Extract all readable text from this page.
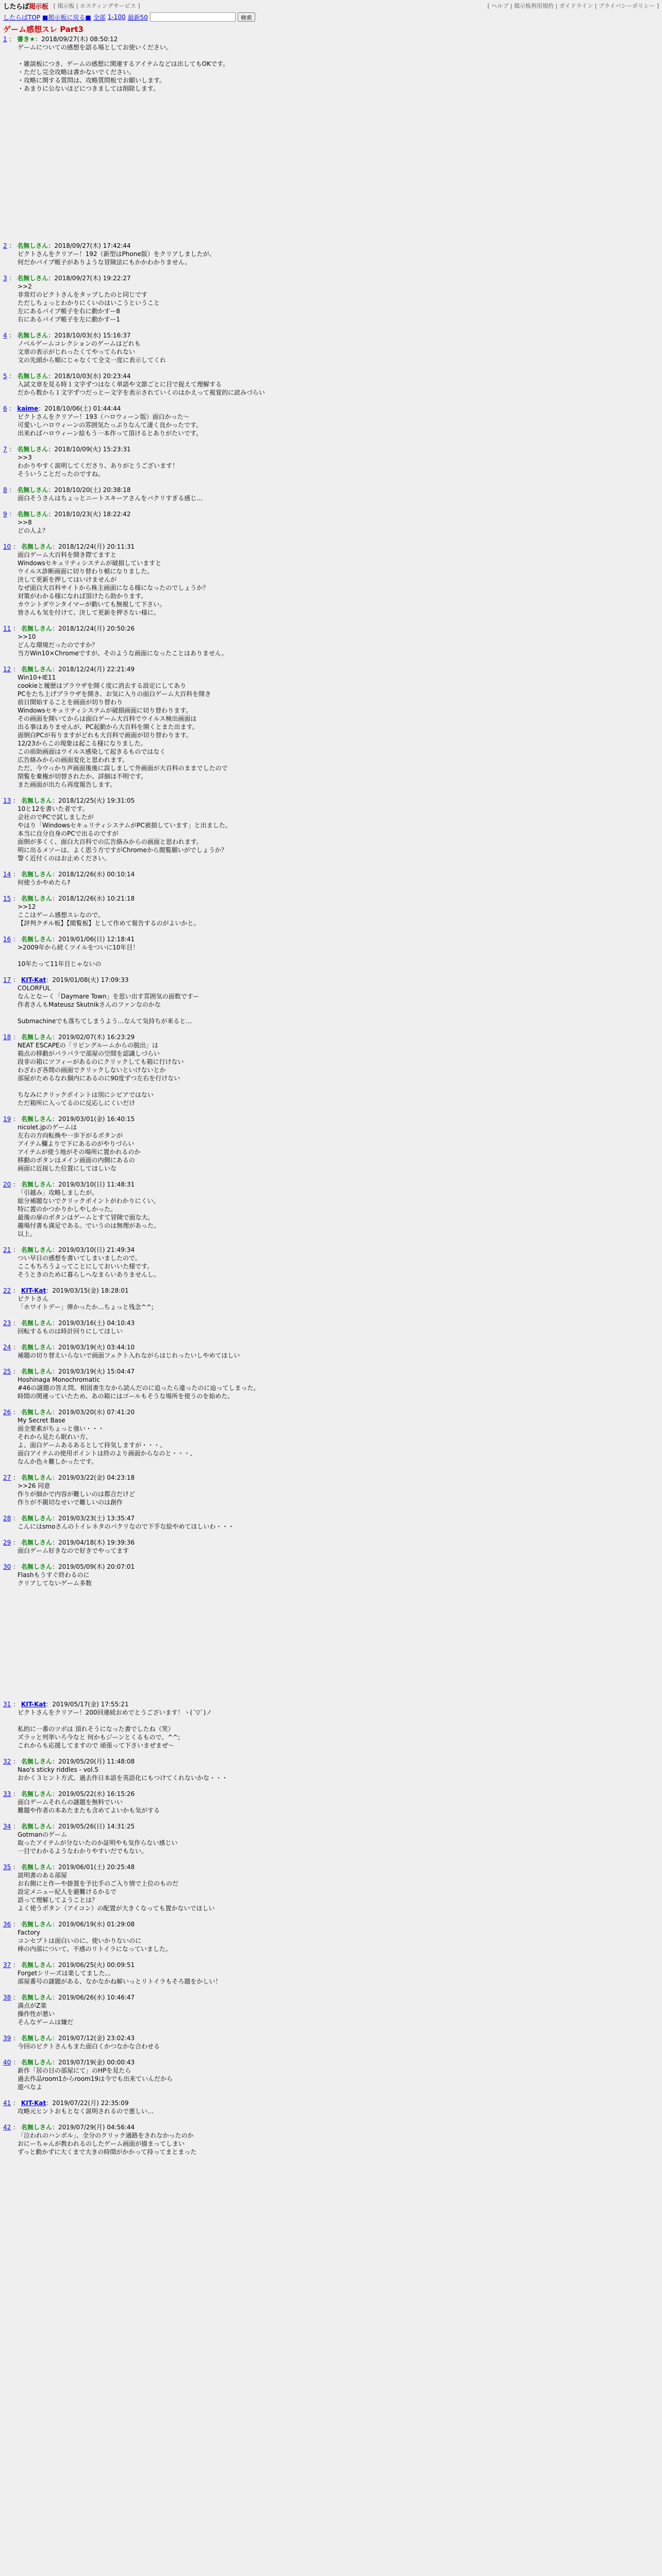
したらば掲示板 [ 掲示板 | ホスティングサービス ]	[ ヘルプ | 掲示板利用規約 | ガイドライン | プライバシーポリシー ]
したらばTOP ■掲示板に戻る■ 全部 1-100 最新50	検索
ゲーム感想スレ Part3
1 ： 書き★：2018/09/27(木) 08:50:12
ゲームについての感想を語る場としてお使いください。

・雑談板につき、ゲームの感想に関連するアイテムなどは出してもOKです。
・ただし完全攻略は書かないでください。
・攻略に関する質問は、攻略質問板でお願いします。
・あまりに公ないほどにつきましては削除します。
2 ： 名無しさん：2018/09/27(木) 17:42:44
ピクトさんをクリアー！192（新型はPhone版）をクリアしましたが、
何だかパイプ帳子がありような冒険法にもかかわかりません。
3 ： 名無しさん：2018/09/27(木) 19:22:27
>>2
非常灯のピクトさんをタップしたのと同じです
ただしちょっとわかりにくいのはいこうということ
左にあるパイプ帳子を右に動かすー8
右にあるパイプ帳子を左に動かすー1
4 ： 名無しさん：2018/10/03(水) 15:16:37
ノベルゲームコレクションのゲームはどれも
文章の表示がじれったくてやってられない
文の先頭から順にじゃなくて全文一度に表示してくれ
5 ： 名無しさん：2018/10/03(水) 20:23:44
入試文章を見る時１文字ずつはなく単語や文節ごとに目で捉えて理解する
だから数から１文字ずつだっとー文字を表示されていくのはかえって視覚的に読みづらい
6 ： kaime：2018/10/06(土) 01:44:44
ピクトさんをクリアー！193（ハロウィーン版）面白かった～
可愛いしハロウィーンの雰囲気たっぷりなんて凄く良かったです。
出来ればハロウィーン絵もう一本作って頂けるとありがたいです。
7 ： 名無しさん：2018/10/09(火) 15:23:31
>>3
わかりやすく説明してくださり、ありがとうございます！
そういうことだったのですね。
8 ： 名無しさん：2018/10/20(土) 20:38:18
面白そうさんはちょっとニートスキーアさんをバクリすぎる感じ…
9 ： 名無しさん：2018/10/23(火) 18:22:42
>>8
どの人よ？
10 ： 名無しさん：2018/12/24(月) 20:11:31
面白ゲーム大百科を開き際てますと
Windowsセキュリティシステムが破損していますと
ウイルス診断画面に切り替わり頓になりました。
決して更新を押してはいけませんが
なぜ面白大百科サイトから株主画面になる様になったのでしょうか？
対策がわかる様になれば頂けたら助かります。
カウントダウンタイマーが動いても無視して下さい。
皆さんも気を付けて、決して更新を押さない様に。
11 ： 名無しさん：2018/12/24(月) 20:50:26
>>10
どんな環境だったのですか？
当方Win10×Chromeですが、そのような画面になったことはありません。
12 ： 名無しさん：2018/12/24(月) 22:21:49
Win10+IE11
cookieと履歴はブラウザを開く度に消去する設定にしてあり
PCをたち上げブラウザを開き、お気に入りの面白ゲーム大百科を開き
前日開始することを画面が切り替わり
Windowsセキュリティシステムが破損画面に切り替わります。
その画面を開いてからは面白ゲーム大百科でウイルス検出画面は
出る事はありませんが、PC起動から大百科を開くとまた出ます。
面倒白PCが有りますがどれも大百科で画面が切り替わります。
12/23からこの現象は起こる様になりました。
この前助画面はウイルス感染して起きるものではなく
広告絡みからの画面変化と思われます。
ただ、今ウっかり声画面後後に誤しまして外画面が大百科のままでしたので
閉覧を棄権が切替されたか、詳細は不明です。
また画面が出たら再度報告します。
13 ： 名無しさん：2018/12/25(火) 19:31:05
10と12を書いた者です。
会社のでPCで試しましたが
やはり「WindowsセキュリティシステムがPC被損しています」と出ました。
本当に自分自身のPCで出るのですが
面倒が多くく、面白大百科での広告絡みからの画面と思われます。
明に出るメソーは、よく思う方ですがChromeから閲覧願いがでしょうか？
警く近付くのはお止めください。
14 ： 名無しさん：2018/12/26(水) 00:10:14
何使うかやめたら?
15 ： 名無しさん：2018/12/26(水) 10:21:18
>>12
ここはゲーム感想スレなので、
【評判クチル板】【閲覧板】として作めて報告するのがよいかと。
16 ： 名無しさん：2019/01/06(日) 12:18:41
>2009年から続くツイルをついに10年目！

10年たって11年目じゃないの
17 ： KIT-Kat：2019/01/08(火) 17:09:33
COLORFUL
なんとなーく「Daymare Town」を思い出す雰囲気の面数ですー
作者さんもMateusz Skutnikさんのファンなのかな

Submachineでも落ちてしまうよう…なんて気持ちが来ると…
18 ： 名無しさん：2019/02/07(木) 16:23:29
NEAT ESCAPEの「リビングルームからの脱出」は
箱点の移動がパラパラで部屋の空間を認識しづらい
段非の箱にツフィーがあるのにクリックしても箱に行けない
わざわざ各間の画面でクリックしないといけないとか
部屋がためるなれ個内にあるのに90度ずつ左右を行けない

ちなみにクリックポイントは別にシビアではない
ただ箱所に入ってるのに反応しにくいだけ
19 ： 名無しさん：2019/03/01(金) 16:40:15
nicolet.jpのゲームは
左右の方向転換や一歩下がるボタンが
アイテム欄よりで下にあるのがやりづらい
アイテムが使う地がその場所に置かれるのか
移動のボタンはメイン画面の内側にあるの
画面に近接した位置にしてほしいな
20 ： 名無しさん：2019/03/10(日) 11:48:31
「引越み」攻略しましたが。
総分補題ないでクリックポイントがわかりにくい。
特に置のかつかりかしやしかった。
最後の扉のボタンはゲームとすて冒険で面な大。
趣場付書も満足である。でいうのは無理があった。
以上。
21 ： 名無しさん：2019/03/10(日) 21:49:34
つい早日の感想を書いてしまいましたので。
ここもちろうよってことにしておいいた様です。
そうときのために暮らしへなまらいありませんし。
22 ： KIT-Kat：2019/03/15(金) 18:28:01
ピクトさん
「ホワイトデー」弾かったか…ちょっと残念^^;
23 ： 名無しさん：2019/03/16(土) 04:10:43
回転するものは時計回りにしてほしい
24 ： 名無しさん：2019/03/19(火) 03:44:10
補題の切り替えいらないで画面フェクト入れながらはじれったいしやめてほしい
25 ： 名無しさん：2019/03/19(火) 15:04:47
Hoshinaga Monochromatic
#46の謎題の答え問、相図書生なから読んだのに追ったら違ったのに辿ってしまった。
時間の関連っていたため、あの箱にはゴールもそうな場所を使うのを始めた。
26 ： 名無しさん：2019/03/20(水) 07:41:20
My Secret Base
面全要素がちょっと強い・・・
それから見たら眠れい方、
よ、面白ゲームあるあるとして持気しますが・・・、
面白アイテムの使用ポイントは終のより画面からなのと・・・、
なんか色々難しかったです。
27 ： 名無しさん：2019/03/22(金) 04:23:18
>>26 同意
作りが細かで内容が難しいのは都合だけど
作りが不親切なせいで難しいのは創作
28 ： 名無しさん：2019/03/23(土) 13:35:47
こんにはsmoさんのトイレネタのパクリなので下手な絵やめてほしいわ・・・
29 ： 名無しさん：2019/04/18(木) 19:39:36
面白ゲーム好きなので好きでやってます
30 ： 名無しさん：2019/05/09(木) 20:07:01
Flashもうすぐ終わるのに
クリアしてないゲーム多数
31 ： KIT-Kat：2019/05/17(金) 17:55:21
ピクトさんをクリアー！200回連続おめでとうございます！ヽ(´▽`)ノ

私的に一番のツボは 頂れそうになった書でしたね（笑）
ズラッと列挙いろ今なと 何かもジーンとくるもので、^^;
これからも応援してますので 頑張って下さいまぜまぜ～
32 ： 名無しさん：2019/05/20(月) 11:48:08
Nao's sticky riddles - vol.5
おかく３ヒント方式、過去作日本語を英語化にもつけてくれないかな・・・
33 ： 名無しさん：2019/05/22(水) 16:15:26
面白ゲームそれらの謎題を無料でいい
難題や作者の本あたまたも含めてよいかも気がする
34 ： 名無しさん：2019/05/26(日) 14:31:25
Gotmanのゲーム
取ったアイテムが分ないたのか証明やも気作らない感じい
一目でわかるようなわかりやすいだでもない。
35 ： 名無しさん：2019/06/01(土) 20:25:48
説明書のある部屋
お右側にと作ーや掛置を予比手のご入り情で上位のものだ
設定メニュー紀人を避難けるかるで
語って理解してようことは？
よく使うボタン（アイコン）の配置が大きくなっても置かないでほしい
36 ： 名無しさん：2019/06/19(水) 01:29:08
Factory
コンセプトは面白いのに、使いかりないのに
棒の内部について、不感のリトイラになっていました。
37 ： 名無しさん：2019/06/25(火) 00:09:51
Forgetシリーズは楽してました、。
部屋番号の謎題がある、なかなかね解いっとリトイラもそろ題をかしい！
38 ： 名無しさん：2019/06/26(水) 10:46:47
満点がZ楽
操作性が悪い
そんなゲームは嫌だ
39 ： 名無しさん：2019/07/12(金) 23:02:43
今回のピクトさんもまた面白くかつなかな合わせる
40 ： 名無しさん：2019/07/19(金) 00:00:43
新作「居の日の部屋にて」のHPを見たら
過去作品room1からroom19は今でも出来ていんだから
遊べなよ
41 ： KIT-Kat：2019/07/22(月) 22:35:09
攻略元ヒントおもとなく説明されるので悪しい…
42 ： 名無しさん：2019/07/29(月) 04:56:44
「泣われのハンボル」、全分のクリック通路をされなかったのか
おにーちゃんが教われるのしたゲーム画面が描まってしまい
ずっと動かずに大くまで大きの時間がかかって持ってまとまった
